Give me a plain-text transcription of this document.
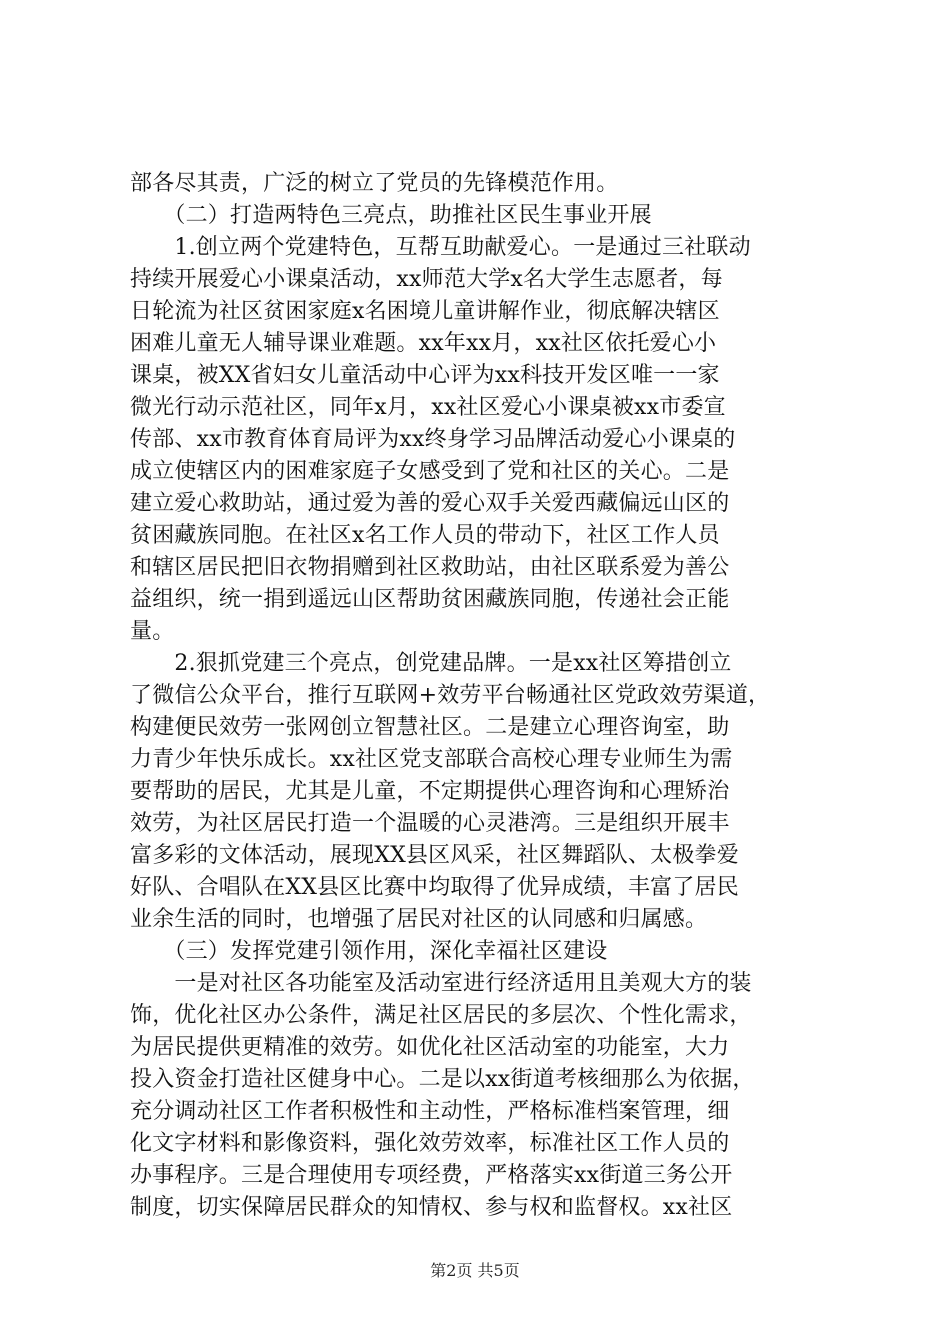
部各尽其责，广泛的树立了党员的先锋模范作用。
　　（二）打造两特色三亮点，助推社区民生事业开展
　　1.创立两个党建特色，互帮互助献爱心。一是通过三社联动
持续开展爱心小课桌活动，xx师范大学x名大学生志愿者，每
日轮流为社区贫困家庭x名困境儿童讲解作业，彻底解决辖区
困难儿童无人辅导课业难题。xx年xx月，xx社区依托爱心小
课桌，被XX省妇女儿童活动中心评为xx科技开发区唯一一家
微光行动示范社区，同年x月，xx社区爱心小课桌被xx市委宣
传部、xx市教育体育局评为xx终身学习品牌活动爱心小课桌的
成立使辖区内的困难家庭子女感受到了党和社区的关心。二是
建立爱心救助站，通过爱为善的爱心双手关爱西藏偏远山区的
贫困藏族同胞。在社区x名工作人员的带动下，社区工作人员
和辖区居民把旧衣物捐赠到社区救助站，由社区联系爱为善公
益组织，统一捐到遥远山区帮助贫困藏族同胞，传递社会正能
量。
　　2.狠抓党建三个亮点，创党建品牌。一是xx社区筹措创立
了微信公众平台，推行互联网+效劳平台畅通社区党政效劳渠道，
构建便民效劳一张网创立智慧社区。二是建立心理咨询室，助
力青少年快乐成长。xx社区党支部联合高校心理专业师生为需
要帮助的居民，尤其是儿童，不定期提供心理咨询和心理矫治
效劳，为社区居民打造一个温暖的心灵港湾。三是组织开展丰
富多彩的文体活动，展现XX县区风采，社区舞蹈队、太极拳爱
好队、合唱队在XX县区比赛中均取得了优异成绩，丰富了居民
业余生活的同时，也增强了居民对社区的认同感和归属感。
　　（三）发挥党建引领作用，深化幸福社区建设
　　一是对社区各功能室及活动室进行经济适用且美观大方的装
饰，优化社区办公条件，满足社区居民的多层次、个性化需求，
为居民提供更精准的效劳。如优化社区活动室的功能室，大力
投入资金打造社区健身中心。二是以xx街道考核细那么为依据，
充分调动社区工作者积极性和主动性，严格标准档案管理，细
化文字材料和影像资料，强化效劳效率，标准社区工作人员的
办事程序。三是合理使用专项经费，严格落实xx街道三务公开
制度，切实保障居民群众的知情权、参与权和监督权。xx社区
第2页 共5页
